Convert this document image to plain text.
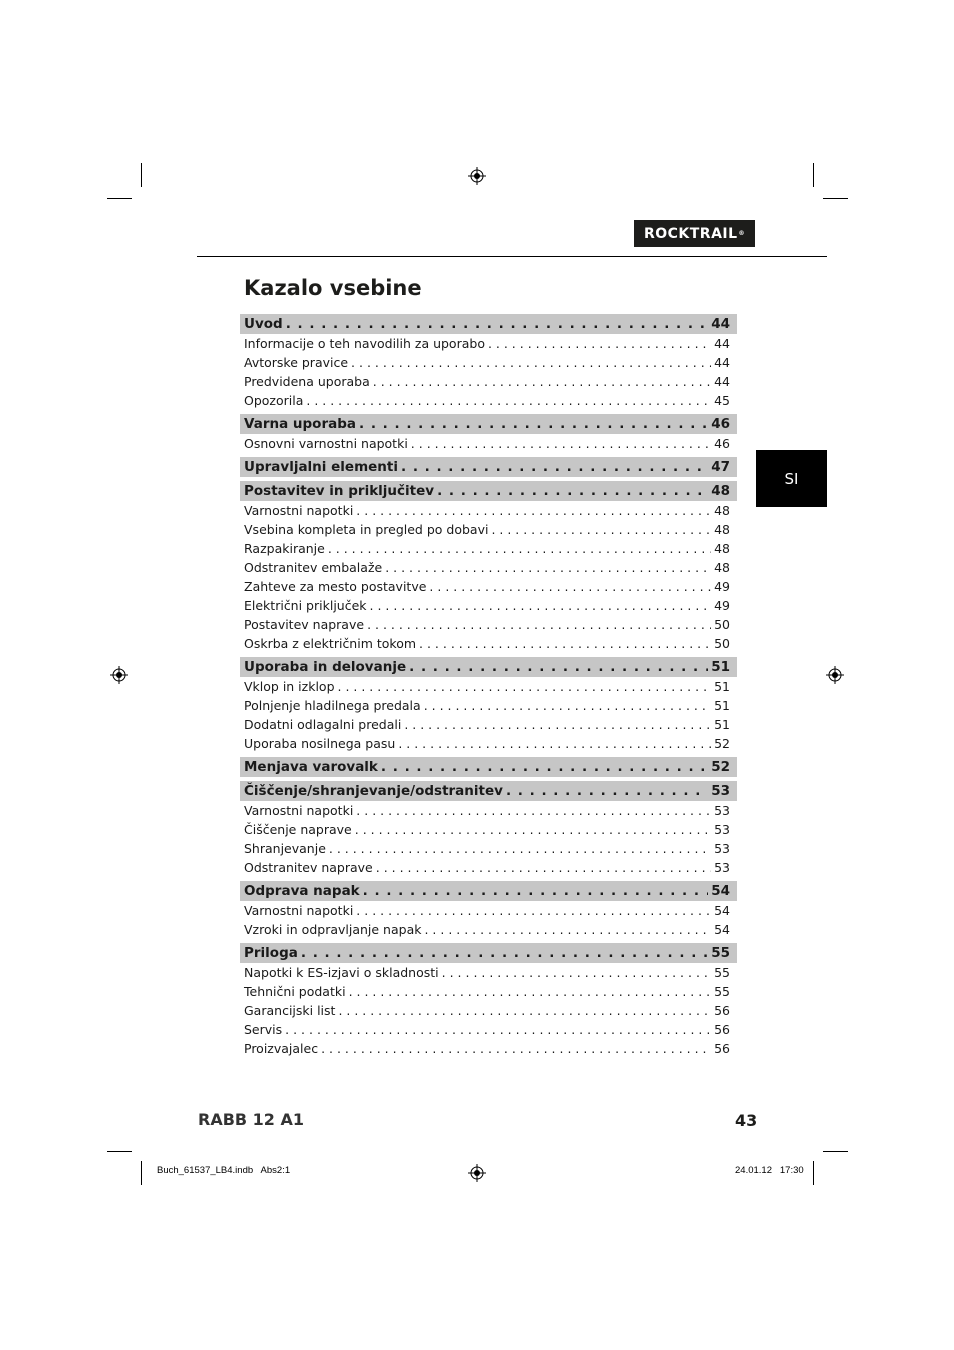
ROCKTRAIL ®
Kazalo vsebine
SI
Uvod . . .	44
Informacije o teh navodilih za uporabo . . .	44
Avtorske pravice . . .	44
Predvidena uporaba . . .	44
Opozorila . . .	45
Varna uporaba . . .	46
Osnovni varnostni napotki . . .	46
Upravljalni elementi . . .	47
Postavitev in priključitev . . .	48
Varnostni napotki . . .	48
Vsebina kompleta in pregled po dobavi . . .	48
Razpakiranje . . .	48
Odstranitev embalaže . . .	48
Zahteve za mesto postavitve . . .	49
Električni priključek . . .	49
Postavitev naprave . . .	50
Oskrba z električnim tokom . . .	50
Uporaba in delovanje . . .	51
Vklop in izklop . . .	51
Polnjenje hladilnega predala . . .	51
Dodatni odlagalni predali . . .	51
Uporaba nosilnega pasu . . .	52
Menjava varovalk . . .	52
Čiščenje/shranjevanje/odstranitev . . .	53
Varnostni napotki . . .	53
Čiščenje naprave . . .	53
Shranjevanje . . .	53
Odstranitev naprave . . .	53
Odprava napak . . .	54
Varnostni napotki . . .	54
Vzroki in odpravljanje napak . . .	54
Priloga . . .	55
Napotki k ES-izjavi o skladnosti . . .	55
Tehnični podatki . . .	55
Garancijski list . . .	56
Servis . . .	56
Proizvajalec . . .	56
RABB 12 A1	43
Buch_61537_LB4.indb   Abs2:1	24.01.12   17:30
